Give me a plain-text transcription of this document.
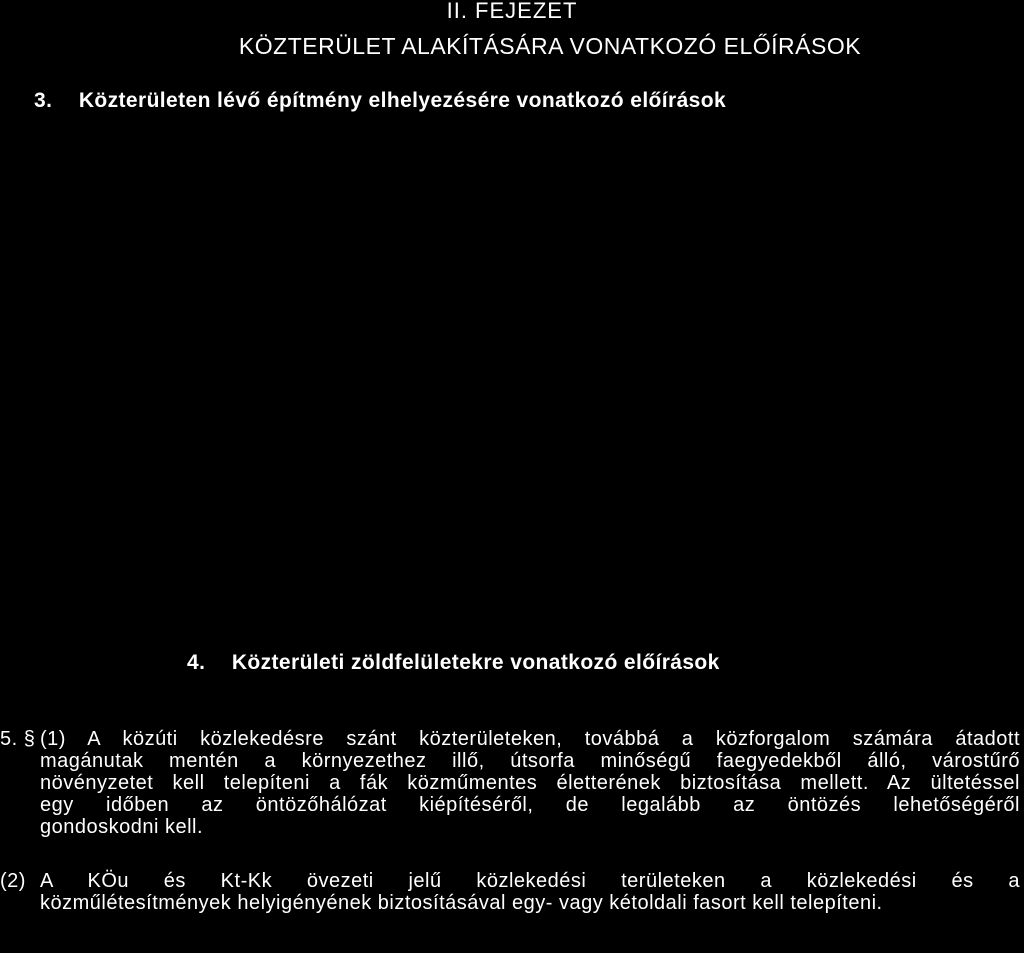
II. FEJEZET
KÖZTERÜLET ALAKÍTÁSÁRA VONATKOZÓ ELŐÍRÁSOK
3. Közterületen lévő építmény elhelyezésére vonatkozó előírások
4. Közterületi zöldfelületekre vonatkozó előírások
5. § (1) A közúti közlekedésre szánt közterületeken, továbbá a közforgalom számára átadott
magánutak mentén a környezethez illő, útsorfa minőségű faegyedekből álló, várostűrő
növényzetet kell telepíteni a fák közműmentes életterének biztosítása mellett. Az ültetéssel
egy időben az öntözőhálózat kiépítéséről, de legalább az öntözés lehetőségéről
gondoskodni kell.
(2) A KÖu és Kt-Kk övezeti jelű közlekedési területeken a közlekedési és a
közműlétesítmények helyigényének biztosításával egy- vagy kétoldali fasort kell telepíteni.
